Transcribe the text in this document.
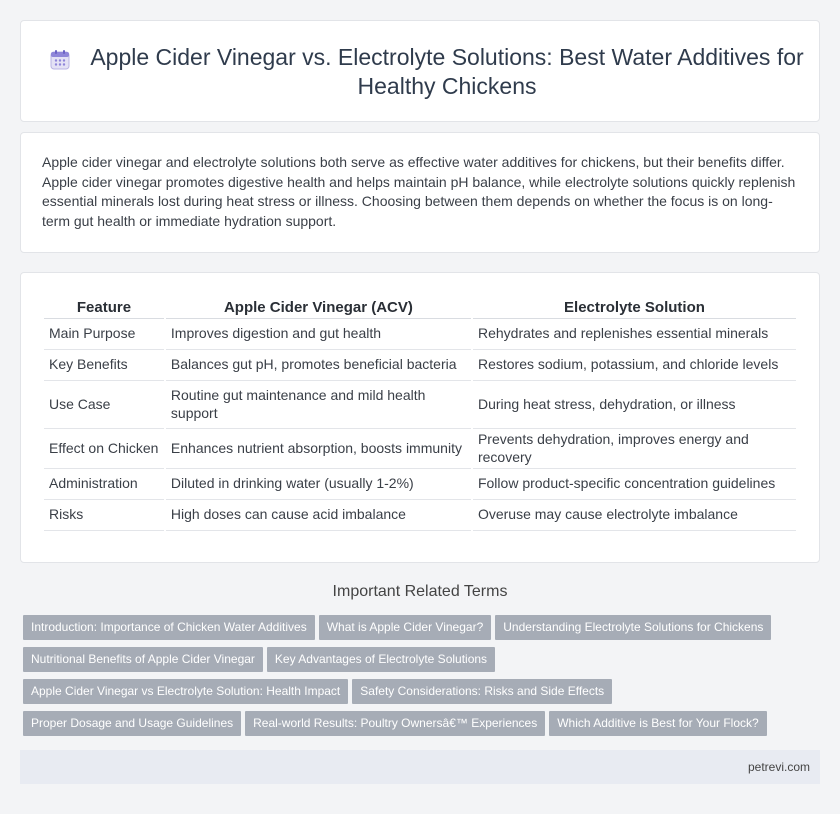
Apple Cider Vinegar vs. Electrolyte Solutions: Best Water Additives for Healthy Chickens

Apple cider vinegar and electrolyte solutions both serve as effective water additives for chickens, but their benefits differ. Apple cider vinegar promotes digestive health and helps maintain pH balance, while electrolyte solutions quickly replenish essential minerals lost during heat stress or illness. Choosing between them depends on whether the focus is on long-term gut health or immediate hydration support.

Feature	Apple Cider Vinegar (ACV)	Electrolyte Solution
Main Purpose	Improves digestion and gut health	Rehydrates and replenishes essential minerals
Key Benefits	Balances gut pH, promotes beneficial bacteria	Restores sodium, potassium, and chloride levels
Use Case	Routine gut maintenance and mild health support	During heat stress, dehydration, or illness
Effect on Chicken	Enhances nutrient absorption, boosts immunity	Prevents dehydration, improves energy and recovery
Administration	Diluted in drinking water (usually 1-2%)	Follow product-specific concentration guidelines
Risks	High doses can cause acid imbalance	Overuse may cause electrolyte imbalance
Important Related Terms
Introduction: Importance of Chicken Water Additives What is Apple Cider Vinegar? Understanding Electrolyte Solutions for Chickens
Nutritional Benefits of Apple Cider Vinegar Key Advantages of Electrolyte Solutions
Apple Cider Vinegar vs Electrolyte Solution: Health Impact Safety Considerations: Risks and Side Effects
Proper Dosage and Usage Guidelines Real-world Results: Poultry Ownersâ€™ Experiences Which Additive is Best for Your Flock?
petrevi.com
